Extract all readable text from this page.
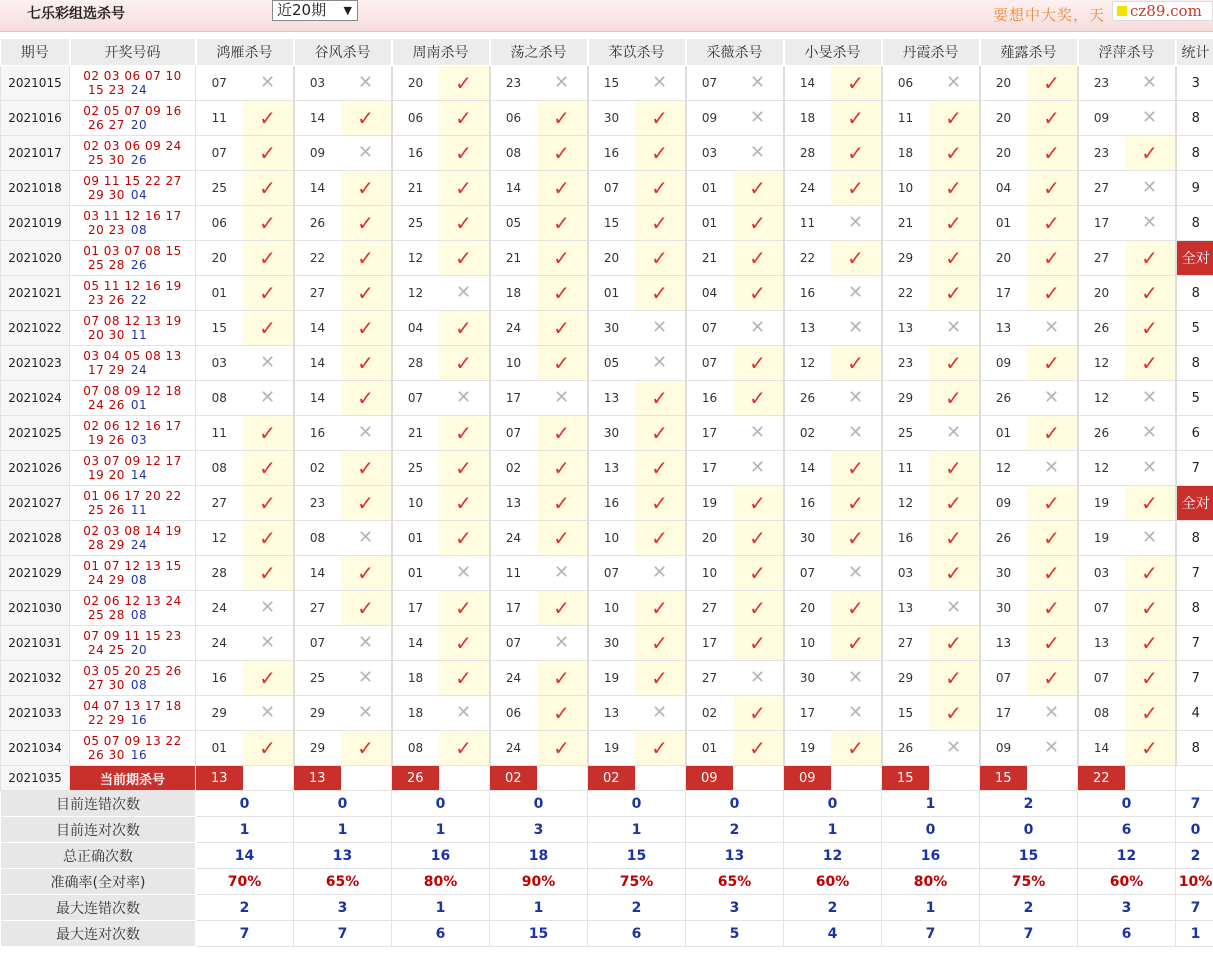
七乐彩组选杀号	近20期 ▼	要想中大奖，天	cz89.com
期号	开奖号码	鸿雁杀号		谷风杀号		周南杀号		荡之杀号		苯苡杀号		采薇杀号		小旻杀号		丹霞杀号		薤露杀号		浮萍杀号		统计
2021015	02 03 06 07 10
15 23 24	07	✕	03	✕	20	✓	23	✕	15	✕	07	✕	14	✓	06	✕	20	✓	23	✕	3
2021016	02 05 07 09 16
26 27 20	11	✓	14	✓	06	✓	06	✓	30	✓	09	✕	18	✓	11	✓	20	✓	09	✕	8
2021017	02 03 06 09 24
25 30 26	07	✓	09	✕	16	✓	08	✓	16	✓	03	✕	28	✓	18	✓	20	✓	23	✓	8
2021018	09 11 15 22 27
29 30 04	25	✓	14	✓	21	✓	14	✓	07	✓	01	✓	24	✓	10	✓	04	✓	27	✕	9
2021019	03 11 12 16 17
20 23 08	06	✓	26	✓	25	✓	05	✓	15	✓	01	✓	11	✕	21	✓	01	✓	17	✕	8
2021020	01 03 07 08 15
25 28 26	20	✓	22	✓	12	✓	21	✓	20	✓	21	✓	22	✓	29	✓	20	✓	27	✓	全对
2021021	05 11 12 16 19
23 26 22	01	✓	27	✓	12	✕	18	✓	01	✓	04	✓	16	✕	22	✓	17	✓	20	✓	8
2021022	07 08 12 13 19
20 30 11	15	✓	14	✓	04	✓	24	✓	30	✕	07	✕	13	✕	13	✕	13	✕	26	✓	5
2021023	03 04 05 08 13
17 29 24	03	✕	14	✓	28	✓	10	✓	05	✕	07	✓	12	✓	23	✓	09	✓	12	✓	8
2021024	07 08 09 12 18
24 26 01	08	✕	14	✓	07	✕	17	✕	13	✓	16	✓	26	✕	29	✓	26	✕	12	✕	5
2021025	02 06 12 16 17
19 26 03	11	✓	16	✕	21	✓	07	✓	30	✓	17	✕	02	✕	25	✕	01	✓	26	✕	6
2021026	03 07 09 12 17
19 20 14	08	✓	02	✓	25	✓	02	✓	13	✓	17	✕	14	✓	11	✓	12	✕	12	✕	7
2021027	01 06 17 20 22
25 26 11	27	✓	23	✓	10	✓	13	✓	16	✓	19	✓	16	✓	12	✓	09	✓	19	✓	全对
2021028	02 03 08 14 19
28 29 24	12	✓	08	✕	01	✓	24	✓	10	✓	20	✓	30	✓	16	✓	26	✓	19	✕	8
2021029	01 07 12 13 15
24 29 08	28	✓	14	✓	01	✕	11	✕	07	✕	10	✓	07	✕	03	✓	30	✓	03	✓	7
2021030	02 06 12 13 24
25 28 08	24	✕	27	✓	17	✓	17	✓	10	✓	27	✓	20	✓	13	✕	30	✓	07	✓	8
2021031	07 09 11 15 23
24 25 20	24	✕	07	✕	14	✓	07	✕	30	✓	17	✓	10	✓	27	✓	13	✓	13	✓	7
2021032	03 05 20 25 26
27 30 08	16	✓	25	✕	18	✓	24	✓	19	✓	27	✕	30	✕	29	✓	07	✓	07	✓	7
2021033	04 07 13 17 18
22 29 16	29	✕	29	✕	18	✕	06	✓	13	✕	02	✓	17	✕	15	✓	17	✕	08	✓	4
2021034	05 07 09 13 22
26 30 16	01	✓	29	✓	08	✓	24	✓	19	✓	01	✓	19	✓	26	✕	09	✕	14	✓	8
2021035	当前期杀号	13		13		26		02		02		09		09		15		15		22		
目前连错次数		0		0		0		0		0		0		0		1		2		0		7
目前连对次数		1		1		1		3		1		2		1		0		0		6		0
总正确次数		14		13		16		18		15		13		12		16		15		12		2
准确率(全对率)		70%		65%		80%		90%		75%		65%		60%		80%		75%		60%		10%
最大连错次数		2		3		1		1		2		3		2		1		2		3		7
最大连对次数		7		7		6		15		6		5		4		7		7		6		1
